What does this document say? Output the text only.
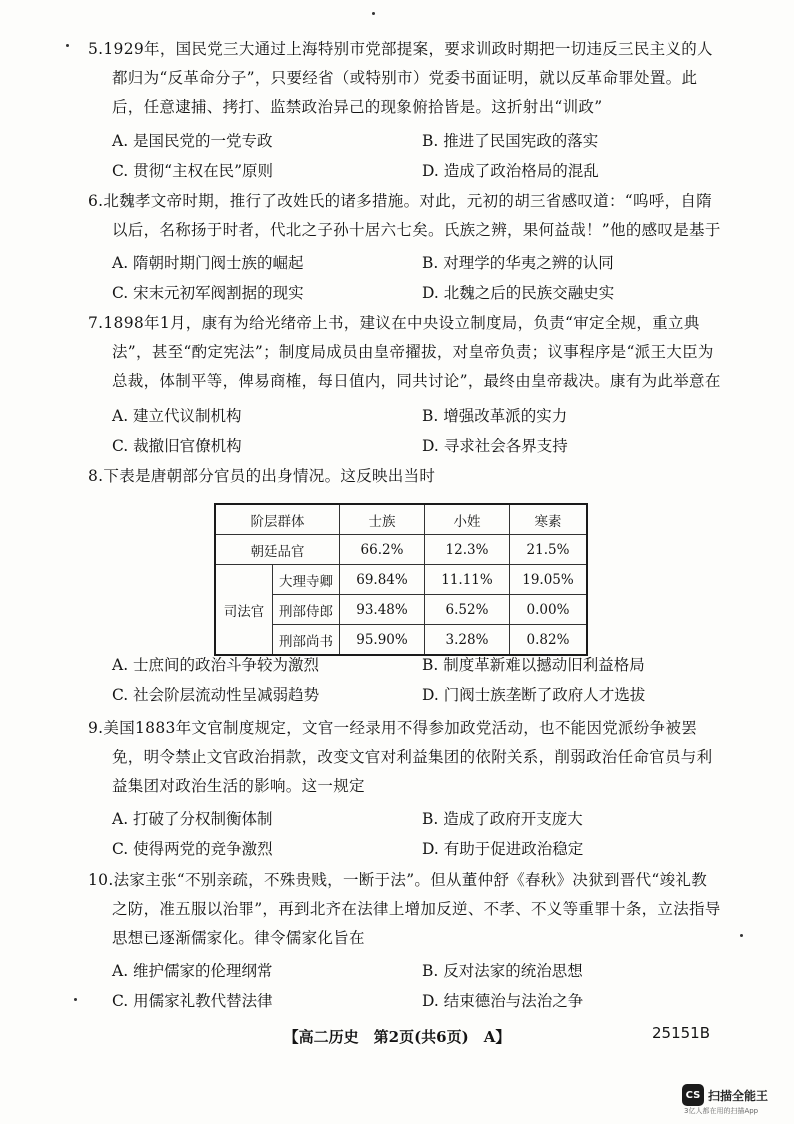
5.1929年，国民党三大通过上海特别市党部提案，要求训政时期把一切违反三民主义的人都归为“反革命分子”，只要经省（或特别市）党委书面证明，就以反革命罪处置。此后，任意逮捕、拷打、监禁政治异己的现象俯拾皆是。这折射出“训政”
A. 是国民党的一党专政	B. 推进了民国宪政的落实
C. 贯彻“主权在民”原则	D. 造成了政治格局的混乱
6.北魏孝文帝时期，推行了改姓氏的诸多措施。对此，元初的胡三省感叹道：“呜呼，自隋以后，名称扬于时者，代北之子孙十居六七矣。氏族之辨，果何益哉！”他的感叹是基于
A. 隋朝时期门阀士族的崛起	B. 对理学的华夷之辨的认同
C. 宋末元初军阀割据的现实	D. 北魏之后的民族交融史实
7.1898年1月，康有为给光绪帝上书，建议在中央设立制度局，负责“审定全规，重立典法”，甚至“酌定宪法”；制度局成员由皇帝擢拔，对皇帝负责；议事程序是“派王大臣为总裁，体制平等，俾易商榷，每日值内，同共讨论”，最终由皇帝裁决。康有为此举意在
A. 建立代议制机构	B. 增强改革派的实力
C. 裁撤旧官僚机构	D. 寻求社会各界支持
8.下表是唐朝部分官员的出身情况。这反映出当时
阶层群体		士族	小姓	寒素
朝廷品官		66.2%	12.3%	21.5%
司法官	大理寺卿	69.84%	11.11%	19.05%
	刑部侍郎	93.48%	6.52%	0.00%
	刑部尚书	95.90%	3.28%	0.82%
A. 士庶间的政治斗争较为激烈	B. 制度革新难以撼动旧利益格局
C. 社会阶层流动性呈减弱趋势	D. 门阀士族垄断了政府人才选拔
9.美国1883年文官制度规定，文官一经录用不得参加政党活动，也不能因党派纷争被罢免，明令禁止文官政治捐款，改变文官对利益集团的依附关系，削弱政治任命官员与利益集团对政治生活的影响。这一规定
A. 打破了分权制衡体制	B. 造成了政府开支庞大
C. 使得两党的竞争激烈	D. 有助于促进政治稳定
10.法家主张“不别亲疏，不殊贵贱，一断于法”。但从董仲舒《春秋》决狱到晋代“竣礼教之防，准五服以治罪”，再到北齐在法律上增加反逆、不孝、不义等重罪十条，立法指导思想已逐渐儒家化。律令儒家化旨在
A. 维护儒家的伦理纲常	B. 反对法家的统治思想
C. 用儒家礼教代替法律	D. 结束德治与法治之争
【高二历史　第2页(共6页)　A】	25151B
CS 扫描全能王
3亿人都在用的扫描App
